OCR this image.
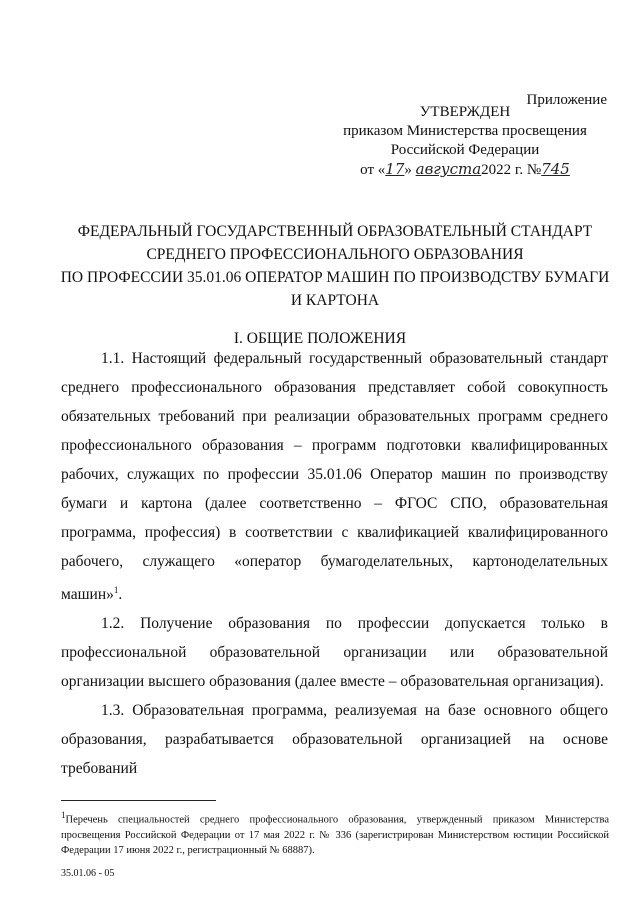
Приложение
УТВЕРЖДЕН
приказом Министерства просвещения
Российской Федерации
от «17» августа2022 г. №745
ФЕДЕРАЛЬНЫЙ ГОСУДАРСТВЕННЫЙ ОБРАЗОВАТЕЛЬНЫЙ СТАНДАРТ
СРЕДНЕГО ПРОФЕССИОНАЛЬНОГО ОБРАЗОВАНИЯ
ПО ПРОФЕССИИ 35.01.06 ОПЕРАТОР МАШИН ПО ПРОИЗВОДСТВУ БУМАГИ
И КАРТОНА
I. ОБЩИЕ ПОЛОЖЕНИЯ

1.1. Настоящий федеральный государственный образовательный стандарт среднего профессионального образования представляет собой совокупность обязательных требований при реализации образовательных программ среднего профессионального образования – программ подготовки квалифицированных рабочих, служащих по профессии 35.01.06 Оператор машин по производству бумаги и картона (далее соответственно – ФГОС СПО, образовательная программа, профессия) в соответствии с квалификацией квалифицированного рабочего, служащего «оператор бумагоделательных, картоноделательных машин»$^1$.

1.2. Получение образования по профессии допускается только в профессиональной образовательной организации или образовательной организации высшего образования (далее вместе – образовательная организация).

1.3. Образовательная программа, реализуемая на базе основного общего образования, разрабатывается образовательной организацией на основе требований

$^1$Перечень специальностей среднего профессионального образования, утвержденный приказом Министерства просвещения Российской Федерации от 17 мая 2022 г. № 336 (зарегистрирован Министерством юстиции Российской Федерации 17 июня 2022 г., регистрационный № 68887).
35.01.06 - 05
